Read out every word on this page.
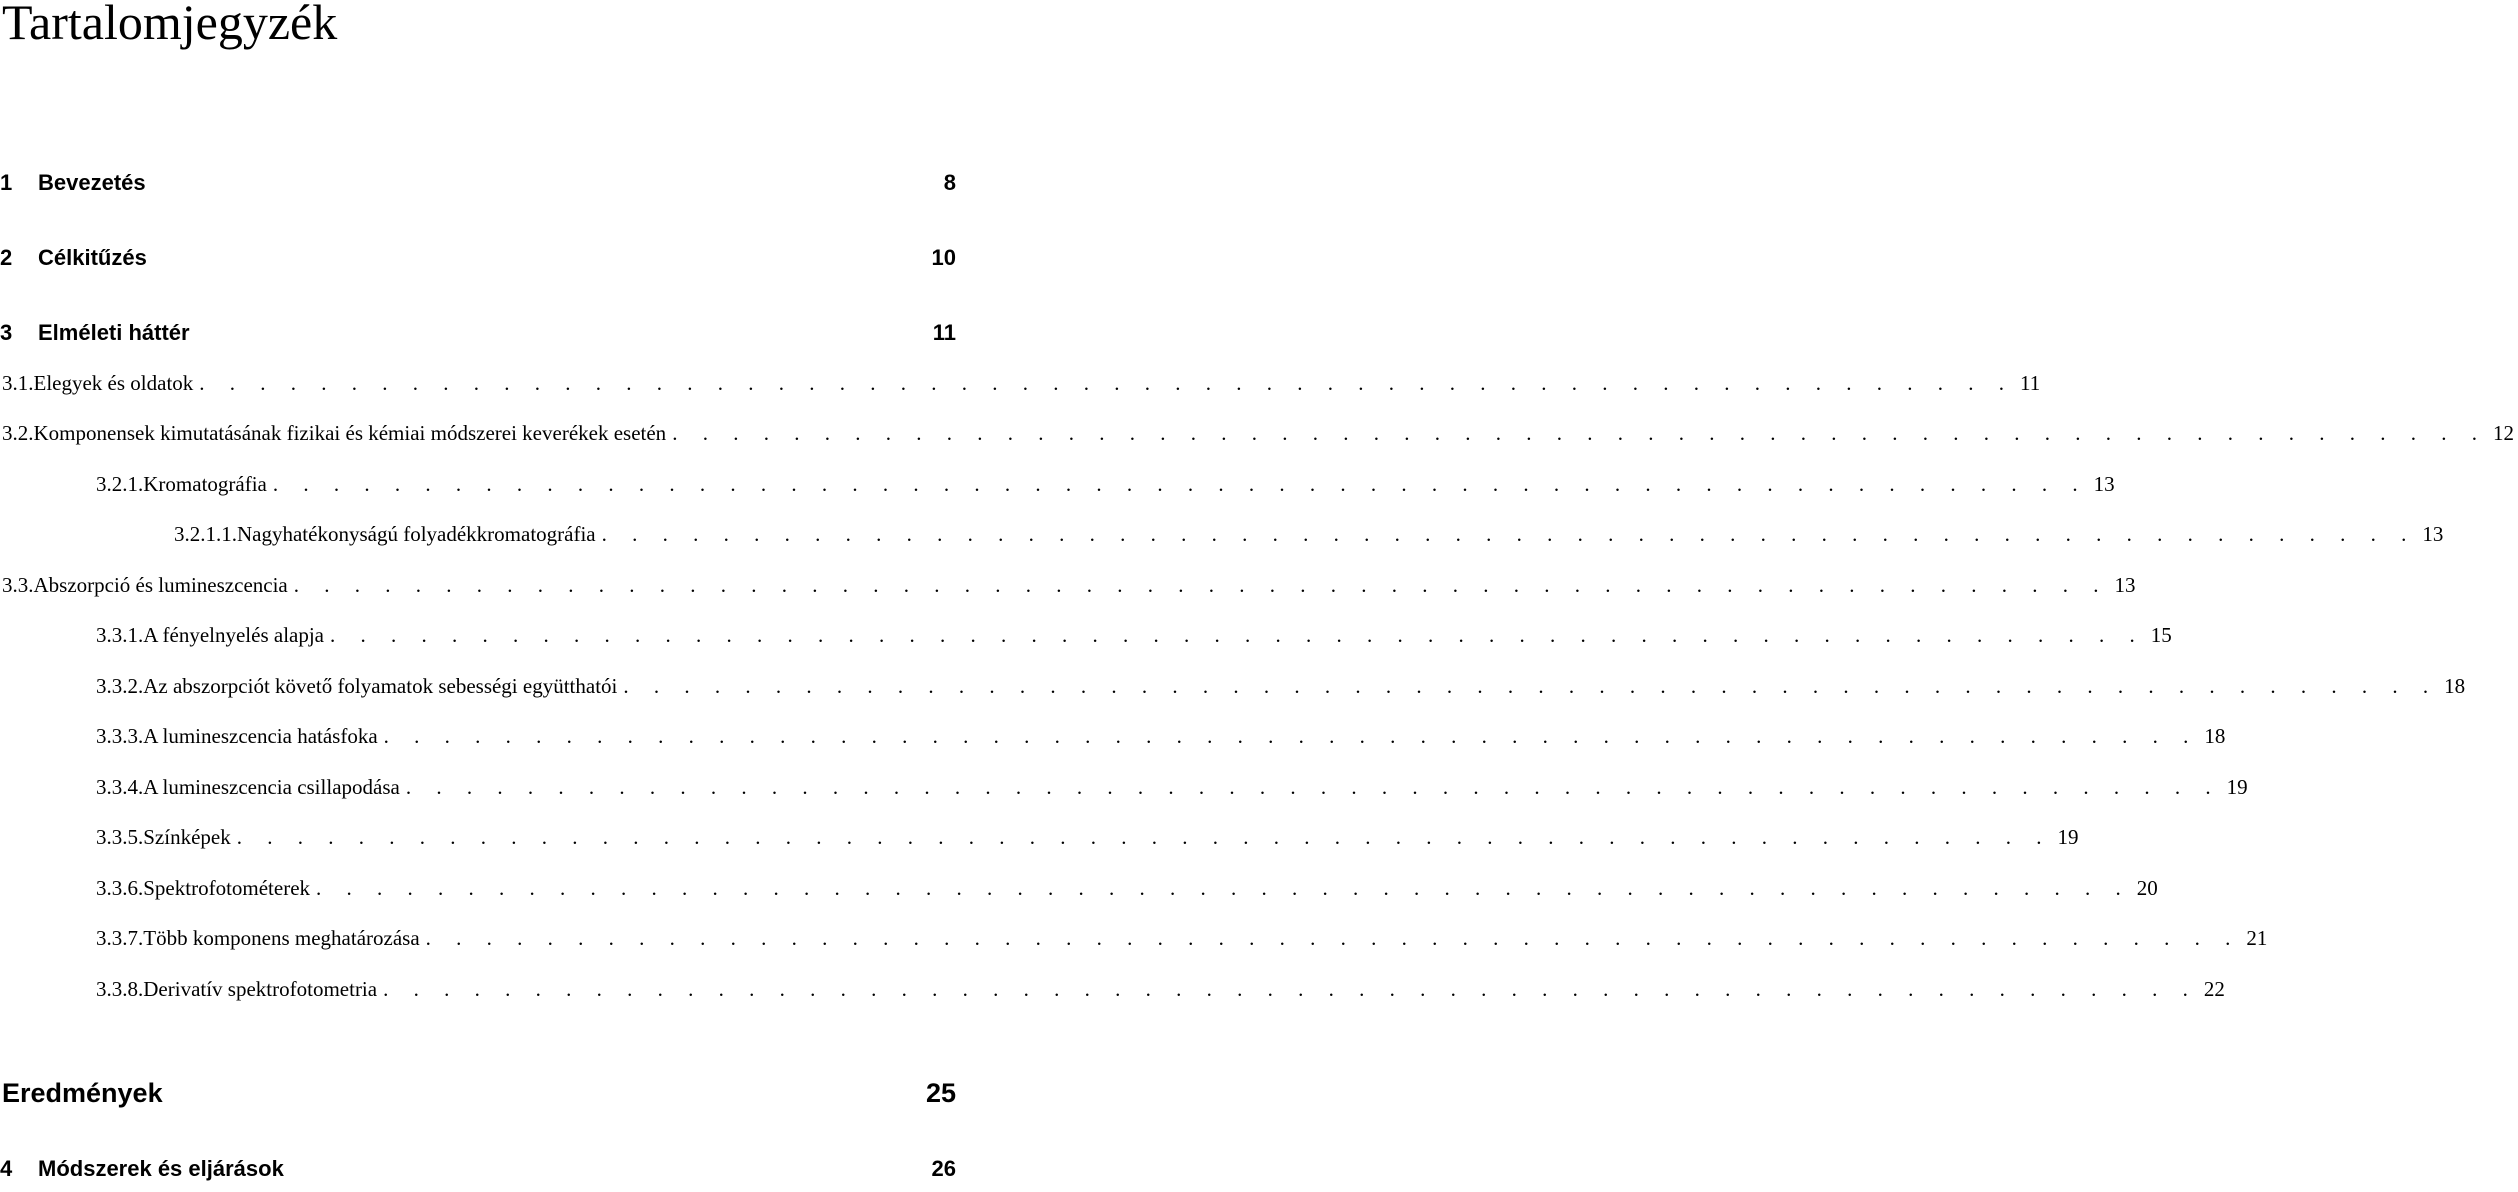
Tartalomjegyzék
1	Bevezetés	8
2	Célkitűzés	10
3	Elméleti háttér	11
3.1. Elegyek és oldatok . . . . . . . . . . . . . . . . . . . . . . . . . . . . . . . . . . . . . . . . . . . . . . . . . . . . . . . . . . . . 11
3.2. Komponensek kimutatásának fizikai és kémiai módszerei keverékek esetén . . . . . . . . . . . . . . . . . . . . . . . . . . . . . . . . . . . . . . . . . . . . . . . . . . . . . . . . . . . . 12
3.2.1. Kromatográfia . . . . . . . . . . . . . . . . . . . . . . . . . . . . . . . . . . . . . . . . . . . . . . . . . . . . . . . . . . . . 13
3.2.1.1. Nagyhatékonyságú folyadékkromatográfia . . . . . . . . . . . . . . . . . . . . . . . . . . . . . . . . . . . . . . . . . . . . . . . . . . . . . . . . . . . . 13
3.3. Abszorpció és lumineszcencia . . . . . . . . . . . . . . . . . . . . . . . . . . . . . . . . . . . . . . . . . . . . . . . . . . . . . . . . . . . . 13
3.3.1. A fényelnyelés alapja . . . . . . . . . . . . . . . . . . . . . . . . . . . . . . . . . . . . . . . . . . . . . . . . . . . . . . . . . . . . 15
3.3.2. Az abszorpciót követő folyamatok sebességi együtthatói . . . . . . . . . . . . . . . . . . . . . . . . . . . . . . . . . . . . . . . . . . . . . . . . . . . . . . . . . . . . 18
3.3.3. A lumineszcencia hatásfoka . . . . . . . . . . . . . . . . . . . . . . . . . . . . . . . . . . . . . . . . . . . . . . . . . . . . . . . . . . . . 18
3.3.4. A lumineszcencia csillapodása . . . . . . . . . . . . . . . . . . . . . . . . . . . . . . . . . . . . . . . . . . . . . . . . . . . . . . . . . . . . 19
3.3.5. Színképek . . . . . . . . . . . . . . . . . . . . . . . . . . . . . . . . . . . . . . . . . . . . . . . . . . . . . . . . . . . . 19
3.3.6. Spektrofotométerek . . . . . . . . . . . . . . . . . . . . . . . . . . . . . . . . . . . . . . . . . . . . . . . . . . . . . . . . . . . . 20
3.3.7. Több komponens meghatározása . . . . . . . . . . . . . . . . . . . . . . . . . . . . . . . . . . . . . . . . . . . . . . . . . . . . . . . . . . . . 21
3.3.8. Derivatív spektrofotometria . . . . . . . . . . . . . . . . . . . . . . . . . . . . . . . . . . . . . . . . . . . . . . . . . . . . . . . . . . . . 22
Eredmények	25
4	Módszerek és eljárások	26
